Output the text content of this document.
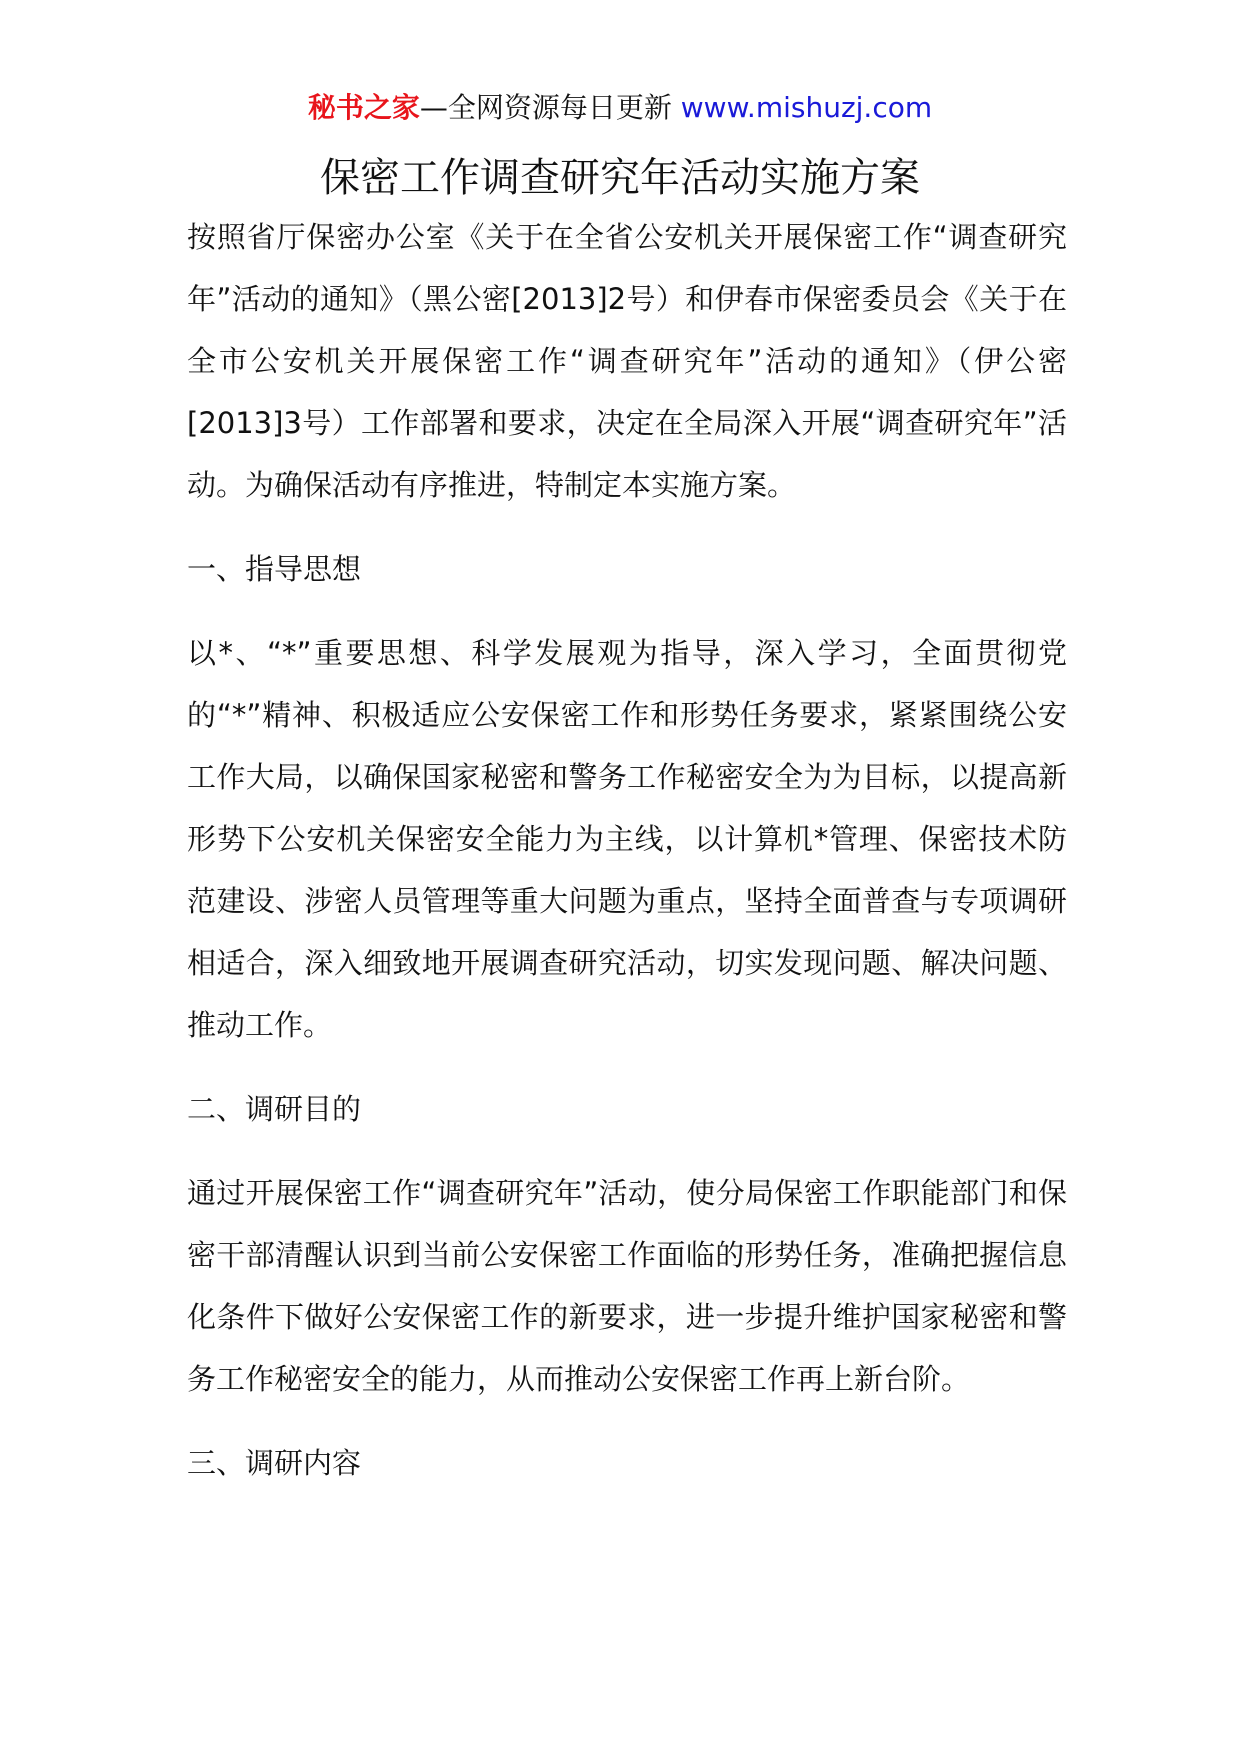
秘书之家—全网资源每日更新 www.mishuzj.com
保密工作调查研究年活动实施方案

按照省厅保密办公室《关于在全省公安机关开展保密工作“调查研究年”活动的通知》（黑公密[2013]2号）和伊春市保密委员会《关于在全市公安机关开展保密工作“调查研究年”活动的通知》（伊公密[2013]3号）工作部署和要求，决定在全局深入开展“调查研究年”活动。为确保活动有序推进，特制定本实施方案。

一、指导思想

以*、“*”重要思想、科学发展观为指导，深入学习，全面贯彻党的“*”精神、积极适应公安保密工作和形势任务要求，紧紧围绕公安工作大局，以确保国家秘密和警务工作秘密安全为为目标，以提高新形势下公安机关保密安全能力为主线，以计算机*管理、保密技术防范建设、涉密人员管理等重大问题为重点，坚持全面普查与专项调研相适合，深入细致地开展调查研究活动，切实发现问题、解决问题、推动工作。

二、调研目的

通过开展保密工作“调查研究年”活动，使分局保密工作职能部门和保密干部清醒认识到当前公安保密工作面临的形势任务，准确把握信息化条件下做好公安保密工作的新要求，进一步提升维护国家秘密和警务工作秘密安全的能力，从而推动公安保密工作再上新台阶。

三、调研内容
